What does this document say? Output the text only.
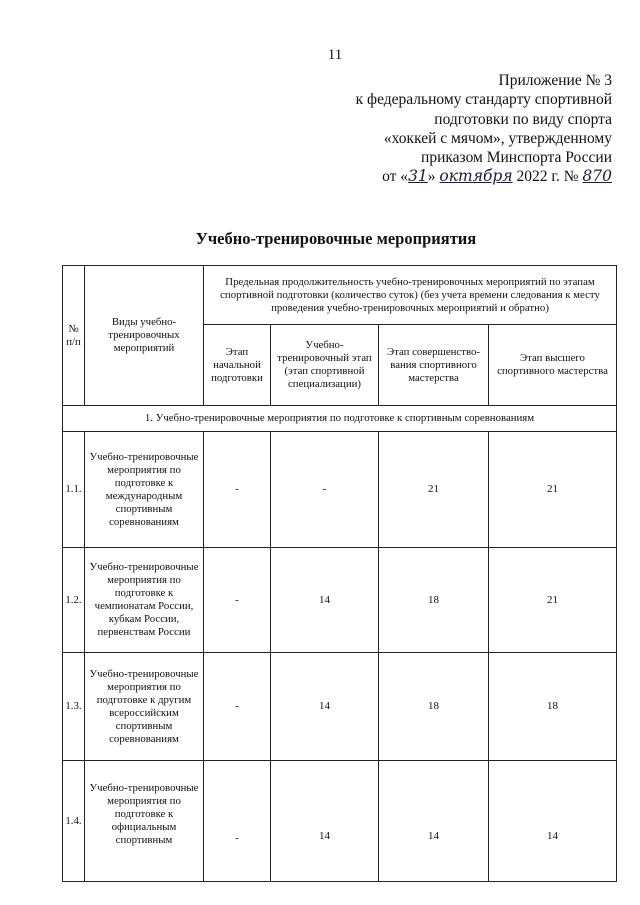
11
Приложение № 3
к федеральному стандарту спортивной
подготовки по виду спорта
«хоккей с мячом», утвержденному
приказом Минспорта России
от «31» октября 2022 г. № 870
Учебно-тренировочные мероприятия
№ п/п	Виды учебно-тренировочных мероприятий	Предельная продолжительность учебно-тренировочных мероприятий по этапам спортивной подготовки (количество суток) (без учета времени следования к месту проведения учебно-тренировочных мероприятий и обратно)			
		Этап начальной подготовки	Учебно-тренировочный этап (этап спортивной специализации)	Этап совершенство-вания спортивного мастерства	Этап высшего спортивного мастерства
1. Учебно-тренировочные мероприятия по подготовке к спортивным соревнованиям					
1.1.	Учебно-тренировочные мероприятия по подготовке к международным спортивным соревнованиям	-	-	21	21
1.2.	Учебно-тренировочные мероприятия по подготовке к чемпионатам России, кубкам России, первенствам России	-	14	18	21
1.3.	Учебно-тренировочные мероприятия по подготовке к другим всероссийским спортивным соревнованиям	-	14	18	18
1.4.	Учебно-тренировочные мероприятия по подготовке к официальным спортивным	-	14	14	14
